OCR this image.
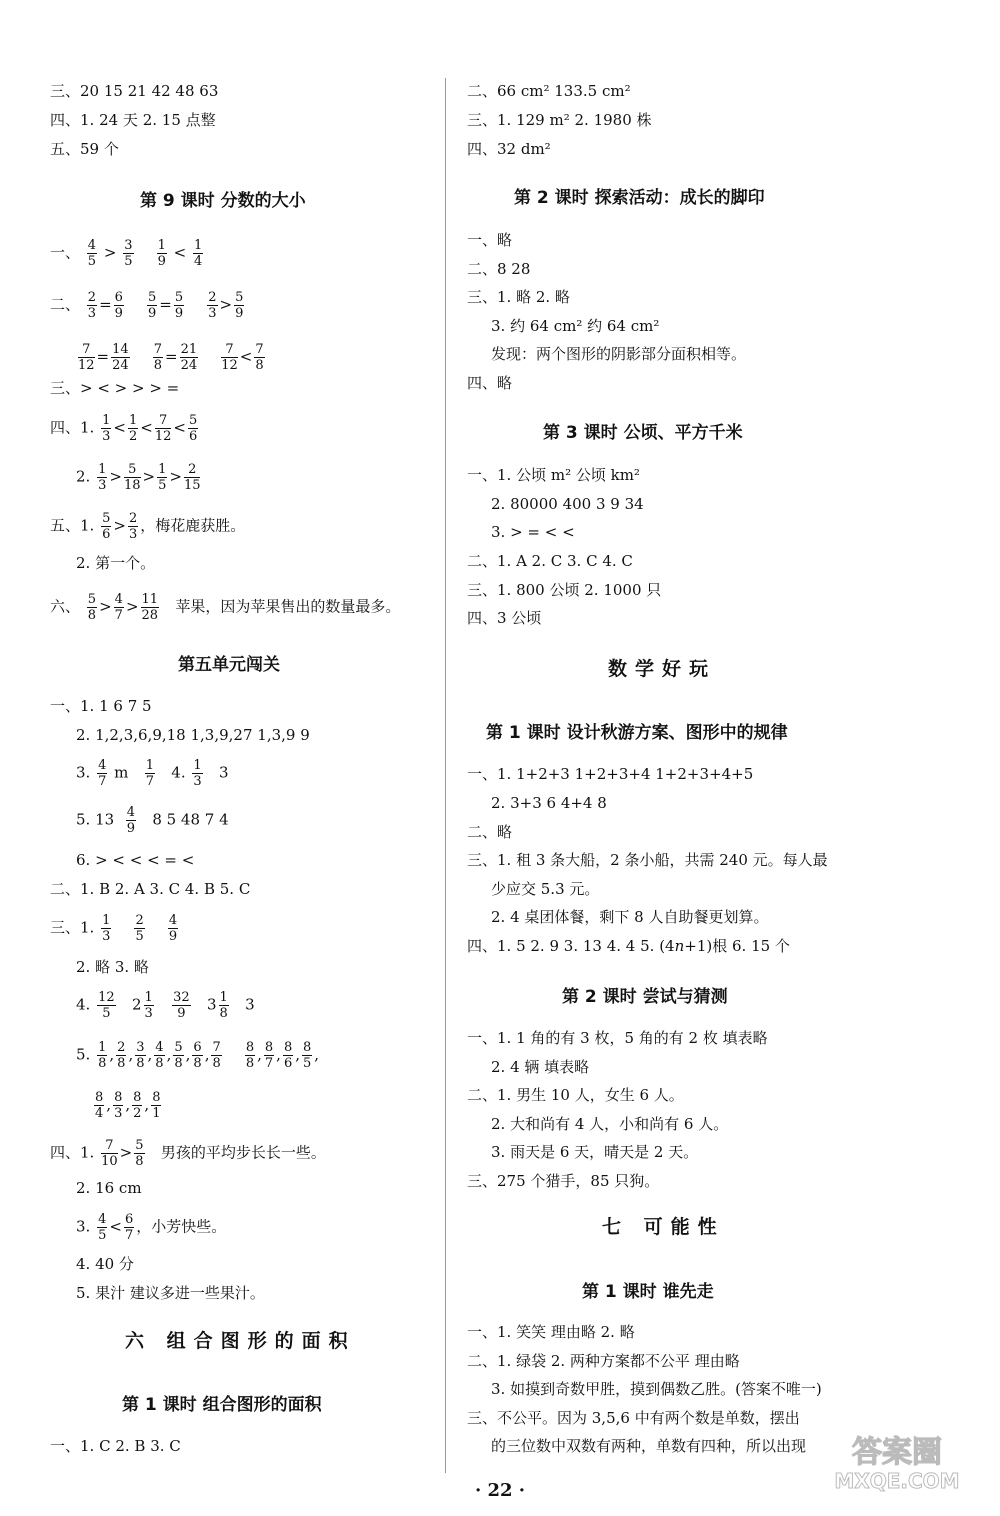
三、20 15 21 42 48 63
四、1. 24 天 2. 15 点整
五、59 个
第 9 课时 分数的大小
一、 $\frac{4}{5} > \frac{3}{5}$
$\frac{1}{9} < \frac{1}{4}$
二、 $\frac{2}{3} = \frac{6}{9}$
$\frac{5}{9} = \frac{5}{9}$
$\frac{2}{3} > \frac{5}{9}$
$\frac{7}{12} = \frac{14}{24}$
$\frac{7}{8} = \frac{21}{24}$
$\frac{7}{12} < \frac{7}{8}$
三、> < > > > =
四、1. $\frac{1}{3} < \frac{1}{2} < \frac{7}{12} < \frac{5}{6}$
2. $\frac{1}{3} > \frac{5}{18} > \frac{1}{5} > \frac{2}{15}$
五、1. $\frac{5}{6} > \frac{2}{3}$ ，梅花鹿获胜。
2. 第一个。
六、 $\frac{5}{8} > \frac{4}{7} > \frac{11}{28}$ 苹果，因为苹果售出的数量最多。
第五单元闯关
一、1. 1 6 7 5
2. 1,2,3,6,9,18 1,3,9,27 1,3,9 9
3. $\frac{4}{7}$ m $\frac{1}{7} 4$. $\frac{1}{3} 3$
5. $13 \frac{4}{9} 8$ 5 48 7 4
6. > < < < = <
二、1. B 2. A 3. C 4. B 5. C
三、1. $\frac{1}{3}$
$\frac{2}{5}$
$\frac{4}{9}$
2. 略 3. 略
4. $\frac{12}{5} 2 \frac{1}{3}$
$\frac{32}{9} 3 \frac{1}{8} 3$
5. $\frac{1}{8}$ , $\frac{2}{8}$ , $\frac{3}{8}$ , $\frac{4}{8}$ , $\frac{5}{8}$ , $\frac{6}{8}$ , $\frac{7}{8}$
$\frac{8}{8}$ , $\frac{8}{7}$ , $\frac{8}{6}$ , $\frac{8}{5}$ ,
$\frac{8}{4}$ , $\frac{8}{3}$ , $\frac{8}{2}$ , $\frac{8}{1}$
四、1. $\frac{7}{10} > \frac{5}{8}$ 男孩的平均步长长一些。
2. 16 cm
3. $\frac{4}{5} < \frac{6}{7}$ ，小芳快些。
4. 40 分
5. 果汁 建议多进一些果汁。
六 组合图形的面积
第 1 课时 组合图形的面积
一、1. C 2. B 3. C
二、66 cm² 133.5 cm²
三、1. 129 m² 2. 1980 株
四、32 dm²
第 2 课时 探索活动：成长的脚印
一、略
二、8 28
三、1. 略 2. 略
3. 约 64 cm² 约 64 cm²
发现：两个图形的阴影部分面积相等。
四、略
第 3 课时 公顷、平方千米
一、1. 公顷 m² 公顷 km²
2. 80000 400 3 9 34
3. > = < <
二、1. A 2. C 3. C 4. C
三、1. 800 公顷 2. 1000 只
四、3 公顷
数学好玩
第 1 课时 设计秋游方案、图形中的规律
一、1. 1+2+3 1+2+3+4 1+2+3+4+5
2. 3+3 6 4+4 8
二、略
三、1. 租 3 条大船，2 条小船，共需 240 元。每人最
少应交 5.3 元。
2. 4 桌团体餐，剩下 8 人自助餐更划算。
四、1. 5 2. 9 3. 13 4. 4 5. (4n+1)根 6. 15 个
第 2 课时 尝试与猜测
一、1. 1 角的有 3 枚，5 角的有 2 枚 填表略
2. 4 辆 填表略
二、1. 男生 10 人，女生 6 人。
2. 大和尚有 4 人，小和尚有 6 人。
3. 雨天是 6 天，晴天是 2 天。
三、275 个猎手，85 只狗。
七 可能性
第 1 课时 谁先走
一、1. 笑笑 理由略 2. 略
二、1. 绿袋 2. 两种方案都不公平 理由略
3. 如摸到奇数甲胜，摸到偶数乙胜。(答案不唯一)
三、不公平。因为 3,5,6 中有两个数是单数，摆出
的三位数中双数有两种，单数有四种，所以出现
· 22 ·
答案圈
MXQE.COM
